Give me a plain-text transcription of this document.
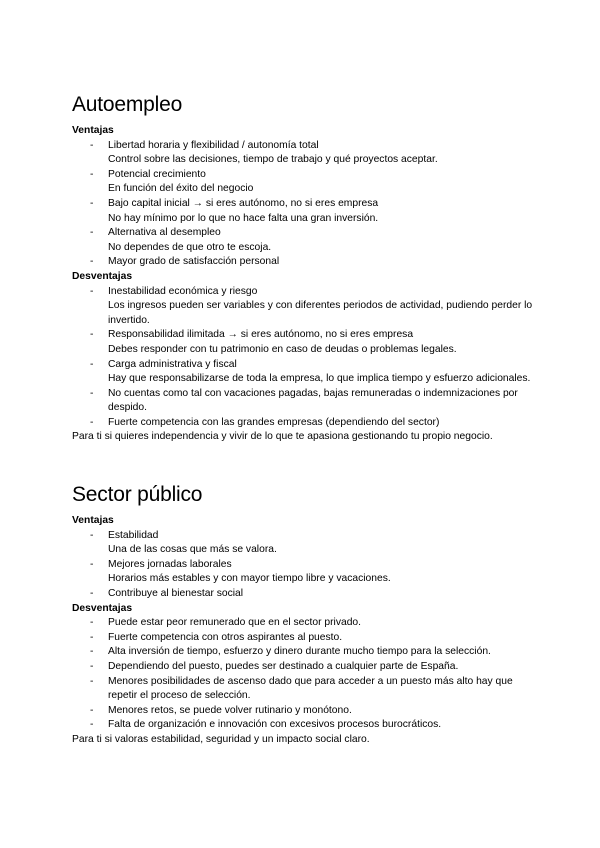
Autoempleo
Ventajas
- Libertad horaria y flexibilidad / autonomía total
Control sobre las decisiones, tiempo de trabajo y qué proyectos aceptar.
- Potencial crecimiento
En función del éxito del negocio
- Bajo capital inicial → si eres autónomo, no si eres empresa
No hay mínimo por lo que no hace falta una gran inversión.
- Alternativa al desempleo
No dependes de que otro te escoja.
- Mayor grado de satisfacción personal
Desventajas
- Inestabilidad económica y riesgo
Los ingresos pueden ser variables y con diferentes periodos de actividad, pudiendo perder lo invertido.
- Responsabilidad ilimitada → si eres autónomo, no si eres empresa
Debes responder con tu patrimonio en caso de deudas o problemas legales.
- Carga administrativa y fiscal
Hay que responsabilizarse de toda la empresa, lo que implica tiempo y esfuerzo adicionales.
- No cuentas como tal con vacaciones pagadas, bajas remuneradas o indemnizaciones por despido.
- Fuerte competencia con las grandes empresas (dependiendo del sector)
Para ti si quieres independencia y vivir de lo que te apasiona gestionando tu propio negocio.
Sector público
Ventajas
- Estabilidad
Una de las cosas que más se valora.
- Mejores jornadas laborales
Horarios más estables y con mayor tiempo libre y vacaciones.
- Contribuye al bienestar social
Desventajas
- Puede estar peor remunerado que en el sector privado.
- Fuerte competencia con otros aspirantes al puesto.
- Alta inversión de tiempo, esfuerzo y dinero durante mucho tiempo para la selección.
- Dependiendo del puesto, puedes ser destinado a cualquier parte de España.
- Menores posibilidades de ascenso dado que para acceder a un puesto más alto hay que repetir el proceso de selección.
- Menores retos, se puede volver rutinario y monótono.
- Falta de organización e innovación con excesivos procesos burocráticos.
Para ti si valoras estabilidad, seguridad y un impacto social claro.
